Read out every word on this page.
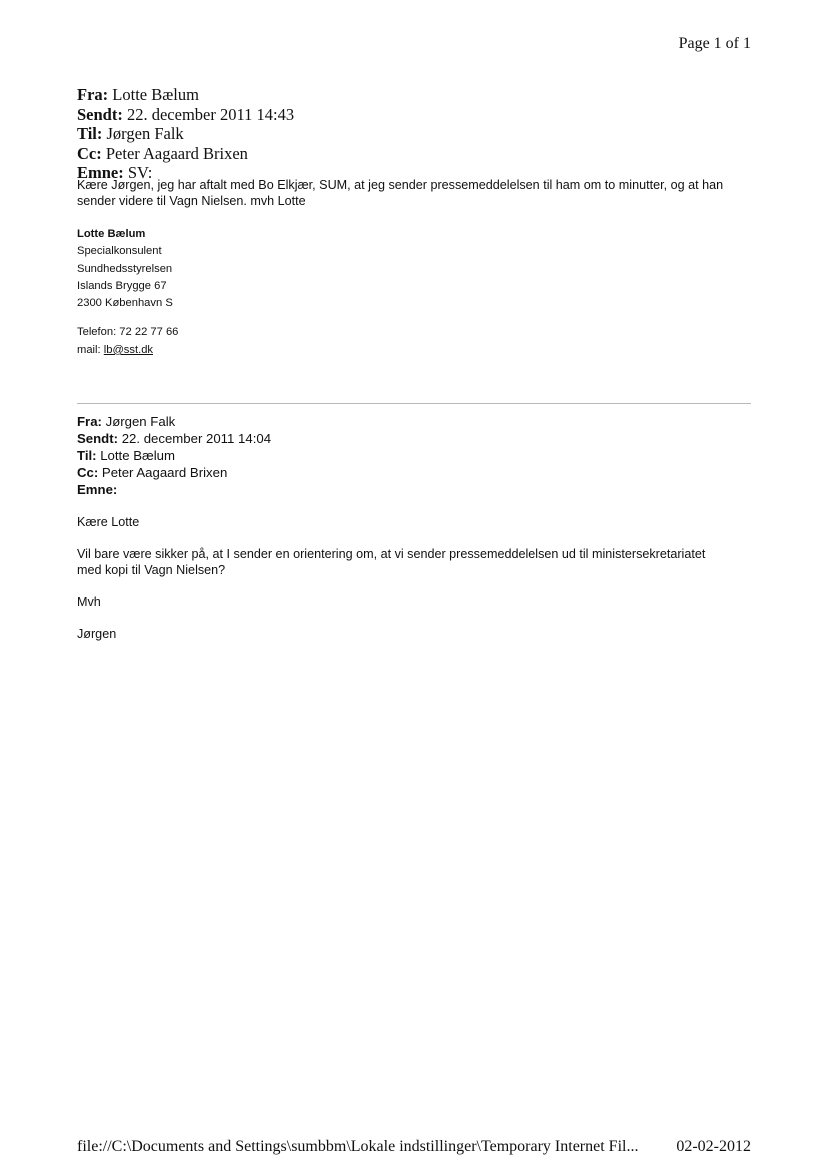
Page 1 of 1
Fra: Lotte Bælum
Sendt: 22. december 2011 14:43
Til: Jørgen Falk
Cc: Peter Aagaard Brixen
Emne: SV:
Kære Jørgen, jeg har aftalt med Bo Elkjær, SUM, at jeg sender pressemeddelelsen til ham om to minutter, og at han sender videre til Vagn Nielsen. mvh Lotte
Lotte Bælum
Specialkonsulent
Sundhedsstyrelsen
Islands Brygge 67
2300 København S
Telefon: 72 22 77 66
mail: lb@sst.dk
Fra: Jørgen Falk
Sendt: 22. december 2011 14:04
Til: Lotte Bælum
Cc: Peter Aagaard Brixen
Emne:

Kære Lotte

Vil bare være sikker på, at I sender en orientering om, at vi sender pressemeddelelsen ud til ministersekretariatet med kopi til Vagn Nielsen?

Mvh

Jørgen

file://C:\Documents and Settings\sumbbm\Lokale indstillinger\Temporary Internet Fil... 02-02-2012
